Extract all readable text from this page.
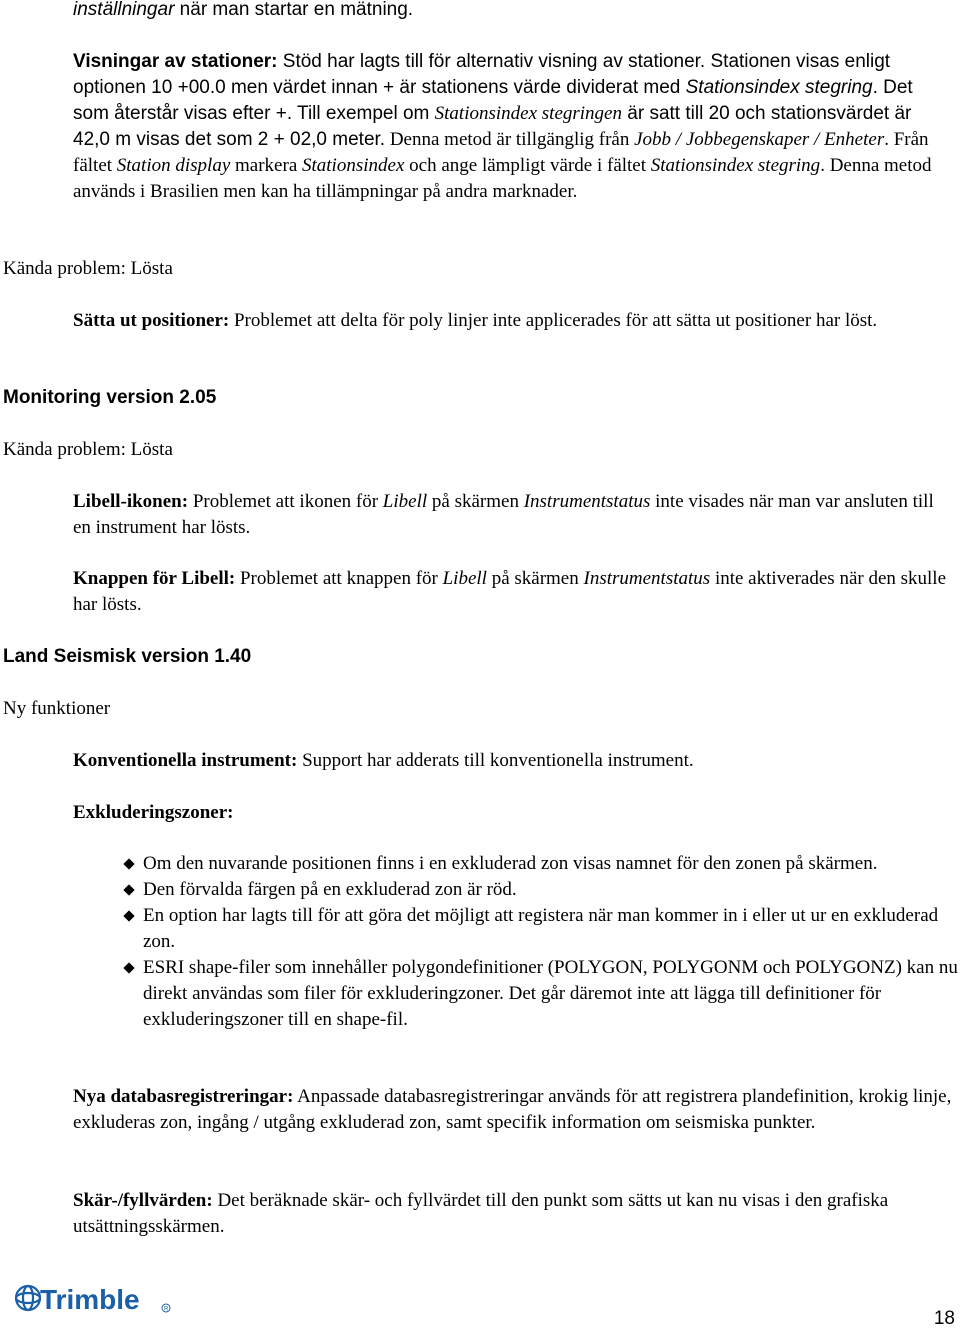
inställningar när man startar en mätning.
Visningar av stationer: Stöd har lagts till för alternativ visning av stationer. Stationen visas enligt optionen 10 +00.0 men värdet innan + är stationens värde dividerat med Stationsindex stegring. Det som återstår visas efter +. Till exempel om Stationsindex stegringen är satt till 20 och stationsvärdet är 42,0 m visas det som 2 + 02,0 meter. Denna metod är tillgänglig från Jobb / Jobbegenskaper / Enheter. Från fältet Station display markera Stationsindex och ange lämpligt värde i fältet Stationsindex stegring. Denna metod används i Brasilien men kan ha tillämpningar på andra marknader.
Kända problem: Lösta
Sätta ut positioner: Problemet att delta för poly linjer inte applicerades för att sätta ut positioner har löst.
Monitoring version 2.05
Kända problem: Lösta
Libell-ikonen: Problemet att ikonen för Libell på skärmen Instrumentstatus inte visades när man var ansluten till en instrument har lösts.
Knappen för Libell: Problemet att knappen för Libell på skärmen Instrumentstatus inte aktiverades när den skulle har lösts.
Land Seismisk version 1.40
Ny funktioner
Konventionella instrument: Support har adderats till konventionella instrument.
Exkluderingszoner:
Om den nuvarande positionen finns i en exkluderad zon visas namnet för den zonen på skärmen.
Den förvalda färgen på en exkluderad zon är röd.
En option har lagts till för att göra det möjligt att registera när man kommer in i eller ut ur en exkluderad zon.
ESRI shape-filer som innehåller polygondefinitioner (POLYGON, POLYGONM och POLYGONZ) kan nu direkt användas som filer för exkluderingzoner. Det går däremot inte att lägga till definitioner för exkluderingszoner till en shape-fil.
Nya databasregistreringar: Anpassade databasregistreringar används för att registrera plandefinition, krokig linje, exkluderas zon, ingång / utgång exkluderad zon, samt specifik information om seismiska punkter.
Skär-/fyllvärden: Det beräknade skär- och fyllvärdet till den punkt som sätts ut kan nu visas i den grafiska utsättningsskärmen.
Trimble	R	18
